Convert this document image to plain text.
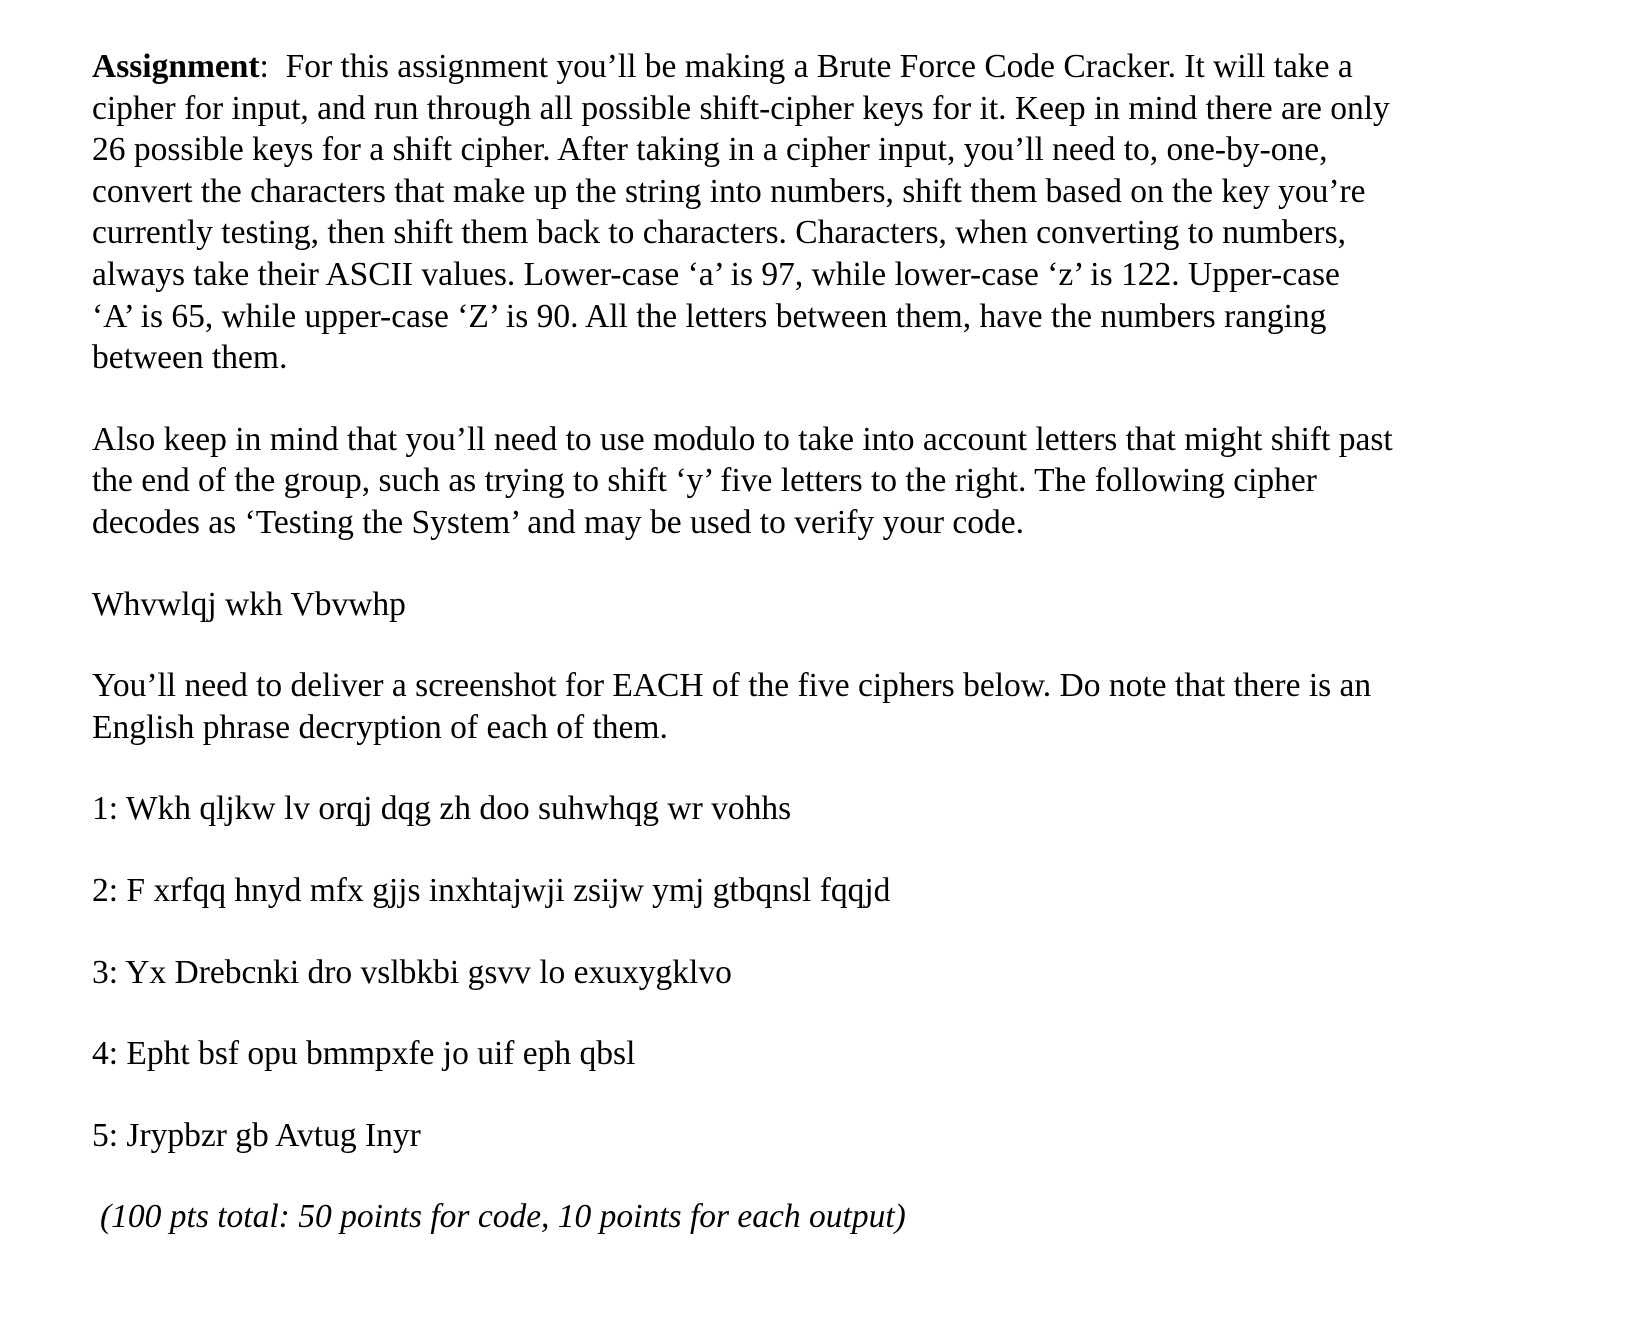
Assignment:  For this assignment you’ll be making a Brute Force Code Cracker. It will take a
cipher for input, and run through all possible shift-cipher keys for it. Keep in mind there are only
26 possible keys for a shift cipher. After taking in a cipher input, you’ll need to, one-by-one,
convert the characters that make up the string into numbers, shift them based on the key you’re
currently testing, then shift them back to characters. Characters, when converting to numbers,
always take their ASCII values. Lower-case ‘a’ is 97, while lower-case ‘z’ is 122. Upper-case
‘A’ is 65, while upper-case ‘Z’ is 90. All the letters between them, have the numbers ranging
between them.

Also keep in mind that you’ll need to use modulo to take into account letters that might shift past
the end of the group, such as trying to shift ‘y’ five letters to the right. The following cipher
decodes as ‘Testing the System’ and may be used to verify your code.

Whvwlqj wkh Vbvwhp

You’ll need to deliver a screenshot for EACH of the five ciphers below. Do note that there is an
English phrase decryption of each of them.

1: Wkh qljkw lv orqj dqg zh doo suhwhqg wr vohhs

2: F xrfqq hnyd mfx gjjs inxhtajwji zsijw ymj gtbqnsl fqqjd

3: Yx Drebcnki dro vslbkbi gsvv lo exuxygklvo

4: Epht bsf opu bmmpxfe jo uif eph qbsl

5: Jrypbzr gb Avtug Inyr

(100 pts total: 50 points for code, 10 points for each output)
